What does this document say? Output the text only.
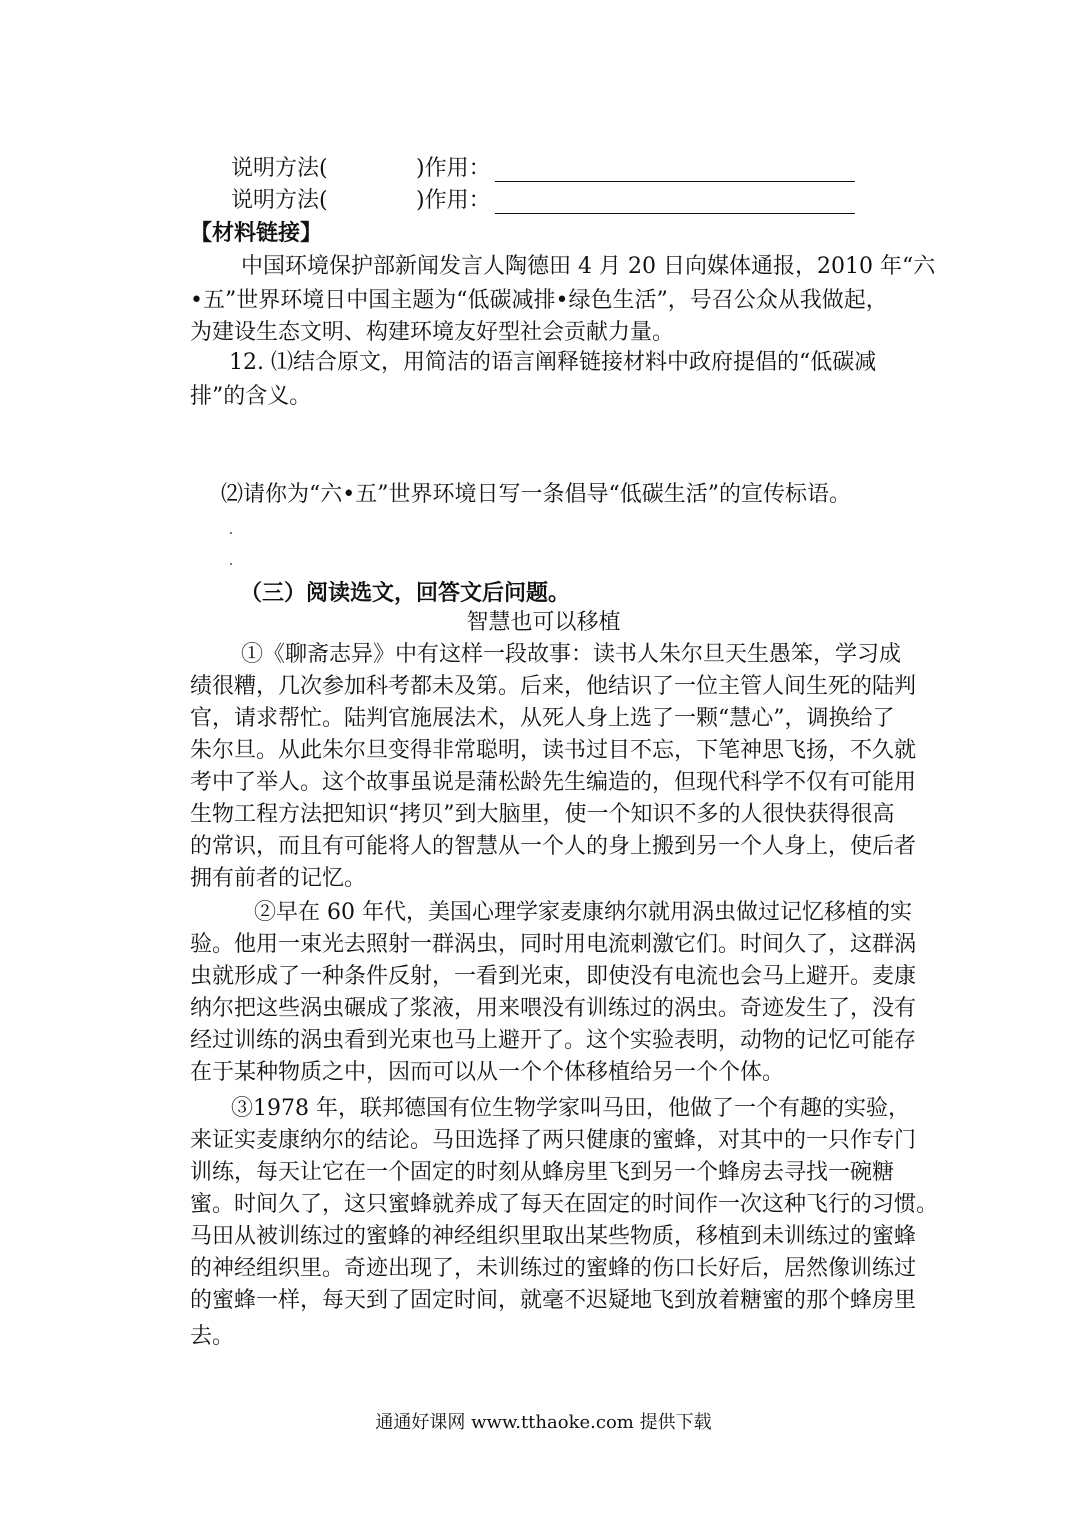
说明方法(	)作用：
说明方法(	)作用：
【材料链接】
中国环境保护部新闻发言人陶德田 4 月 20 日向媒体通报，2010 年“六
•五”世界环境日中国主题为“低碳减排•绿色生活”，号召公众从我做起，
为建设生态文明、构建环境友好型社会贡献力量。
12. ⑴结合原文，用简洁的语言阐释链接材料中政府提倡的“低碳减
排”的含义。
⑵请你为“六•五”世界环境日写一条倡导“低碳生活”的宣传标语。
（三）阅读选文，回答文后问题。
智慧也可以移植
①《聊斋志异》中有这样一段故事：读书人朱尔旦天生愚笨，学习成
绩很糟，几次参加科考都未及第。后来，他结识了一位主管人间生死的陆判
官，请求帮忙。陆判官施展法术，从死人身上选了一颗“慧心”，调换给了
朱尔旦。从此朱尔旦变得非常聪明，读书过目不忘，下笔神思飞扬，不久就
考中了举人。这个故事虽说是蒲松龄先生编造的，但现代科学不仅有可能用
生物工程方法把知识“拷贝”到大脑里，使一个知识不多的人很快获得很高
的常识，而且有可能将人的智慧从一个人的身上搬到另一个人身上，使后者
拥有前者的记忆。
②早在 60 年代，美国心理学家麦康纳尔就用涡虫做过记忆移植的实
验。他用一束光去照射一群涡虫，同时用电流刺激它们。时间久了，这群涡
虫就形成了一种条件反射，一看到光束，即使没有电流也会马上避开。麦康
纳尔把这些涡虫碾成了浆液，用来喂没有训练过的涡虫。奇迹发生了，没有
经过训练的涡虫看到光束也马上避开了。这个实验表明，动物的记忆可能存
在于某种物质之中，因而可以从一个个体移植给另一个个体。
③1978 年，联邦德国有位生物学家叫马田，他做了一个有趣的实验，
来证实麦康纳尔的结论。马田选择了两只健康的蜜蜂，对其中的一只作专门
训练，每天让它在一个固定的时刻从蜂房里飞到另一个蜂房去寻找一碗糖
蜜。时间久了，这只蜜蜂就养成了每天在固定的时间作一次这种飞行的习惯。
马田从被训练过的蜜蜂的神经组织里取出某些物质，移植到未训练过的蜜蜂
的神经组织里。奇迹出现了，未训练过的蜜蜂的伤口长好后，居然像训练过
的蜜蜂一样，每天到了固定时间，就毫不迟疑地飞到放着糖蜜的那个蜂房里
去。
通通好课网 www.tthaoke.com 提供下载
